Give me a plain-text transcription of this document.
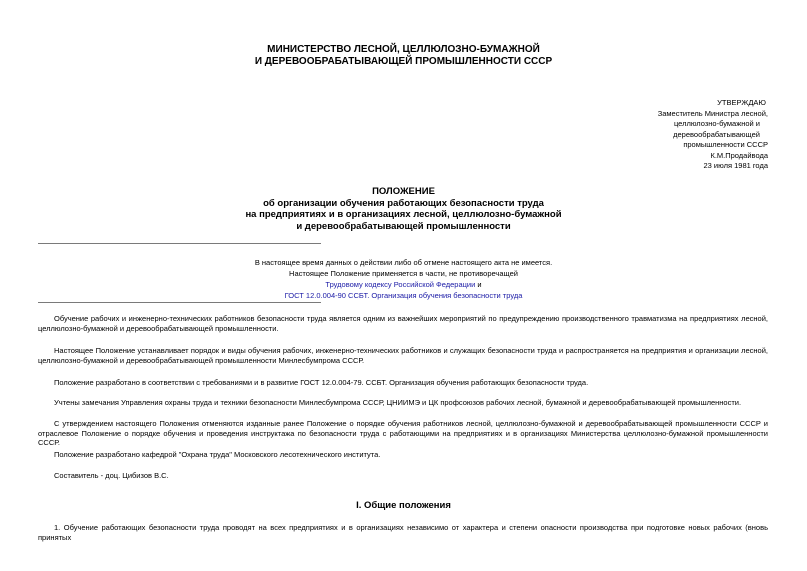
МИНИСТЕРСТВО ЛЕСНОЙ, ЦЕЛЛЮЛОЗНО-БУМАЖНОЙ
И ДЕРЕВООБРАБАТЫВАЮЩЕЙ ПРОМЫШЛЕННОСТИ СССР
УТВЕРЖДАЮ
Заместитель Министра лесной,
целлюлозно-бумажной и
деревообрабатывающей
промышленности СССР
К.М.Продайвода
23 июля 1981 года
ПОЛОЖЕНИЕ
об организации обучения работающих безопасности труда
на предприятиях и в организациях лесной, целлюлозно-бумажной
и деревообрабатывающей промышленности
В настоящее время данных о действии либо об отмене настоящего акта не имеется.
Настоящее Положение применяется в части, не противоречащей
Трудовому кодексу Российской Федерации и
ГОСТ 12.0.004-90 ССБТ. Организация обучения безопасности труда

Обучение рабочих и инженерно-технических работников безопасности труда является одним из важнейших мероприятий по предупреждению производственного травматизма на предприятиях лесной, целлюлозно-бумажной и деревообрабатывающей промышленности.

Настоящее Положение устанавливает порядок и виды обучения рабочих, инженерно-технических работников и служащих безопасности труда и распространяется на предприятия и организации лесной, целлюлозно-бумажной и деревообрабатывающей промышленности Минлесбумпрома СССР.

Положение разработано в соответствии с требованиями и в развитие ГОСТ 12.0.004-79. ССБТ. Организация обучения работающих безопасности труда.

Учтены замечания Управления охраны труда и техники безопасности Минлесбумпрома СССР, ЦНИИМЭ и ЦК профсоюзов рабочих лесной, бумажной и деревообрабатывающей промышленности.

С утверждением настоящего Положения отменяются изданные ранее Положение о порядке обучения работников лесной, целлюлозно-бумажной и деревообрабатывающей промышленности СССР и отраслевое Положение о порядке обучения и проведения инструктажа по безопасности труда с работающими на предприятиях и в организациях Министерства целлюлозно-бумажной промышленности СССР.

Положение разработано кафедрой "Охрана труда" Московского лесотехнического института.

Составитель - доц. Цибизов В.С.

I. Общие положения

1. Обучение работающих безопасности труда проводят на всех предприятиях и в организациях независимо от характера и степени опасности производства при подготовке новых рабочих (вновь принятых
